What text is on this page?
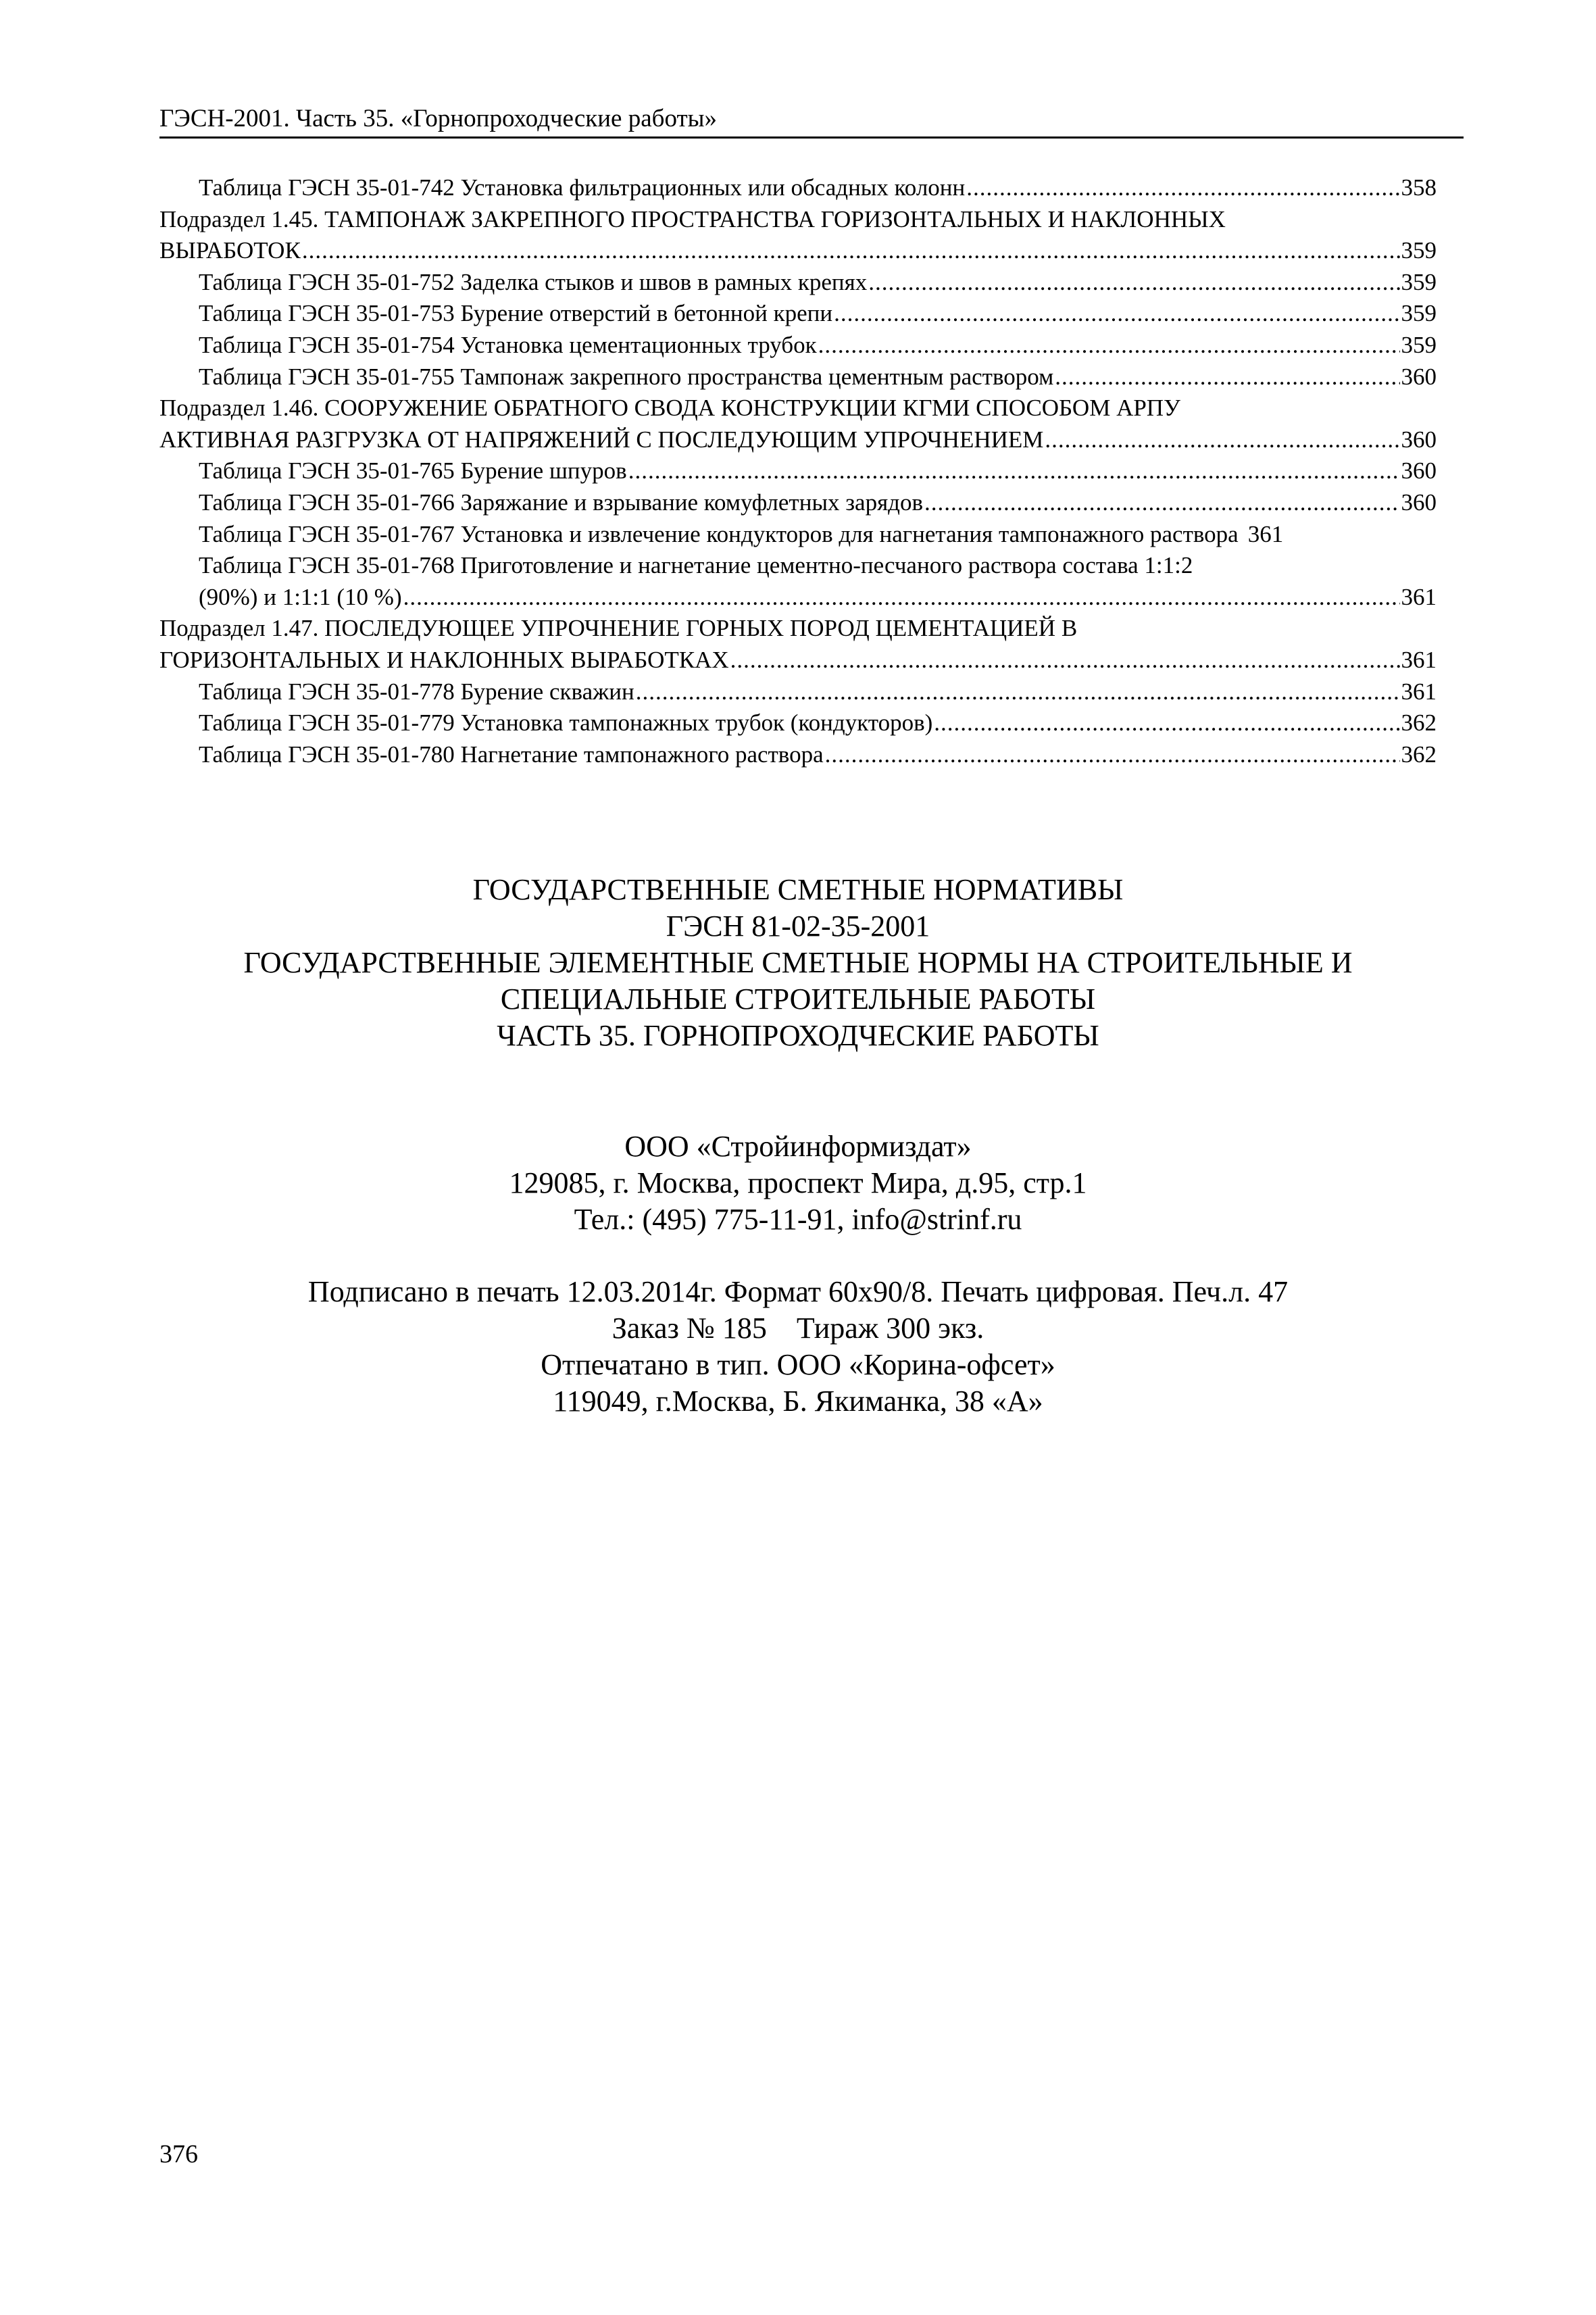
ГЭСН-2001. Часть 35. «Горнопроходческие работы»
Таблица ГЭСН 35-01-742 Установка фильтрационных или обсадных колонн .....	358
Подраздел 1.45. ТАМПОНАЖ ЗАКРЕПНОГО ПРОСТРАНСТВА ГОРИЗОНТАЛЬНЫХ И НАКЛОННЫХ
ВЫРАБОТОК .....	359
Таблица ГЭСН 35-01-752 Заделка стыков и швов в рамных крепях .....	359
Таблица ГЭСН 35-01-753 Бурение отверстий в бетонной крепи .....	359
Таблица ГЭСН 35-01-754 Установка цементационных трубок .....	359
Таблица ГЭСН 35-01-755 Тампонаж закрепного пространства цементным раствором .....	360
Подраздел 1.46. СООРУЖЕНИЕ ОБРАТНОГО СВОДА КОНСТРУКЦИИ КГМИ СПОСОБОМ АРПУ
АКТИВНАЯ РАЗГРУЗКА ОТ НАПРЯЖЕНИЙ С ПОСЛЕДУЮЩИМ УПРОЧНЕНИЕМ .....	360
Таблица ГЭСН 35-01-765 Бурение шпуров .....	360
Таблица ГЭСН 35-01-766 Заряжание и взрывание комуфлетных зарядов .....	360
Таблица ГЭСН 35-01-767 Установка и извлечение кондукторов для нагнетания тампонажного раствора 361
Таблица ГЭСН 35-01-768 Приготовление и нагнетание цементно-песчаного раствора состава 1:1:2
(90%) и 1:1:1 (10 %) .....	361
Подраздел 1.47. ПОСЛЕДУЮЩЕЕ УПРОЧНЕНИЕ ГОРНЫХ ПОРОД ЦЕМЕНТАЦИЕЙ В
ГОРИЗОНТАЛЬНЫХ И НАКЛОННЫХ ВЫРАБОТКАХ .....	361
Таблица ГЭСН 35-01-778 Бурение скважин .....	361
Таблица ГЭСН 35-01-779 Установка тампонажных трубок (кондукторов) .....	362
Таблица ГЭСН 35-01-780 Нагнетание тампонажного раствора .....	362
ГОСУДАРСТВЕННЫЕ СМЕТНЫЕ НОРМАТИВЫ
ГЭСН 81-02-35-2001
ГОСУДАРСТВЕННЫЕ ЭЛЕМЕНТНЫЕ СМЕТНЫЕ НОРМЫ НА СТРОИТЕЛЬНЫЕ И
СПЕЦИАЛЬНЫЕ СТРОИТЕЛЬНЫЕ РАБОТЫ
ЧАСТЬ 35. ГОРНОПРОХОДЧЕСКИЕ РАБОТЫ
ООО «Стройинформиздат»
129085, г. Москва, проспект Мира, д.95, стр.1
Тел.: (495) 775-11-91, info@strinf.ru
Подписано в печать 12.03.2014г. Формат 60x90/8. Печать цифровая. Печ.л. 47
Заказ № 185 Тираж 300 экз.
Отпечатано в тип. ООО «Корина-офсет»
119049, г.Москва, Б. Якиманка, 38 «А»
376
